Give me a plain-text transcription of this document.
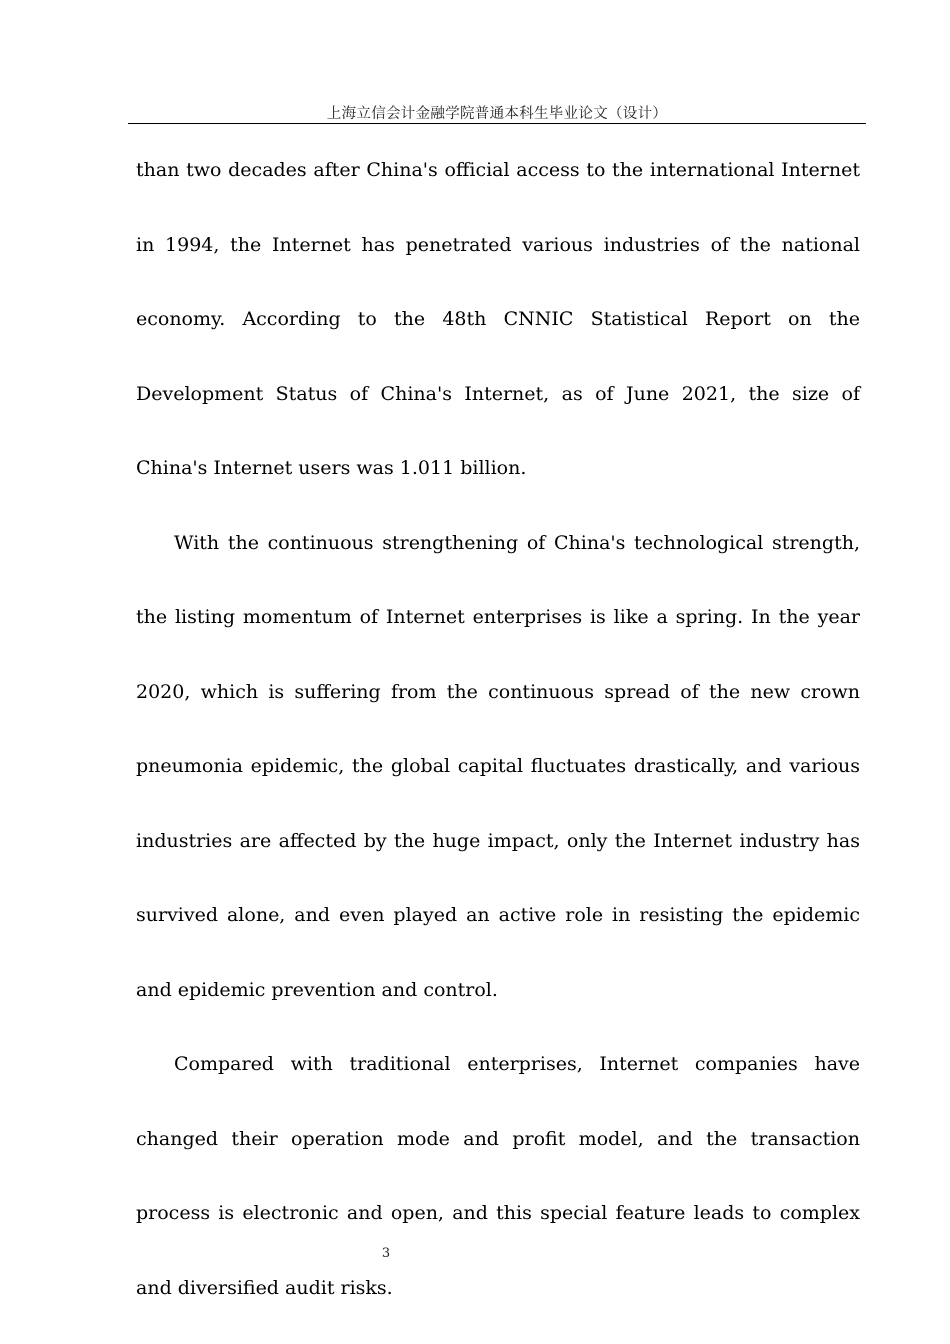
上海立信会计金融学院普通本科生毕业论文（设计）

than two decades after China's official access to the international Internet in 1994, the Internet has penetrated various industries of the national economy. According to the 48th CNNIC Statistical Report on the Development Status of China's Internet, as of June 2021, the size of China's Internet users was 1.011 billion.

With the continuous strengthening of China's technological strength, the listing momentum of Internet enterprises is like a spring. In the year 2020, which is suffering from the continuous spread of the new crown pneumonia epidemic, the global capital fluctuates drastically, and various industries are affected by the huge impact, only the Internet industry has survived alone, and even played an active role in resisting the epidemic and epidemic prevention and control.

Compared with traditional enterprises, Internet companies have changed their operation mode and profit model, and the transaction process is electronic and open, and this special feature leads to complex and diversified audit risks.

3
